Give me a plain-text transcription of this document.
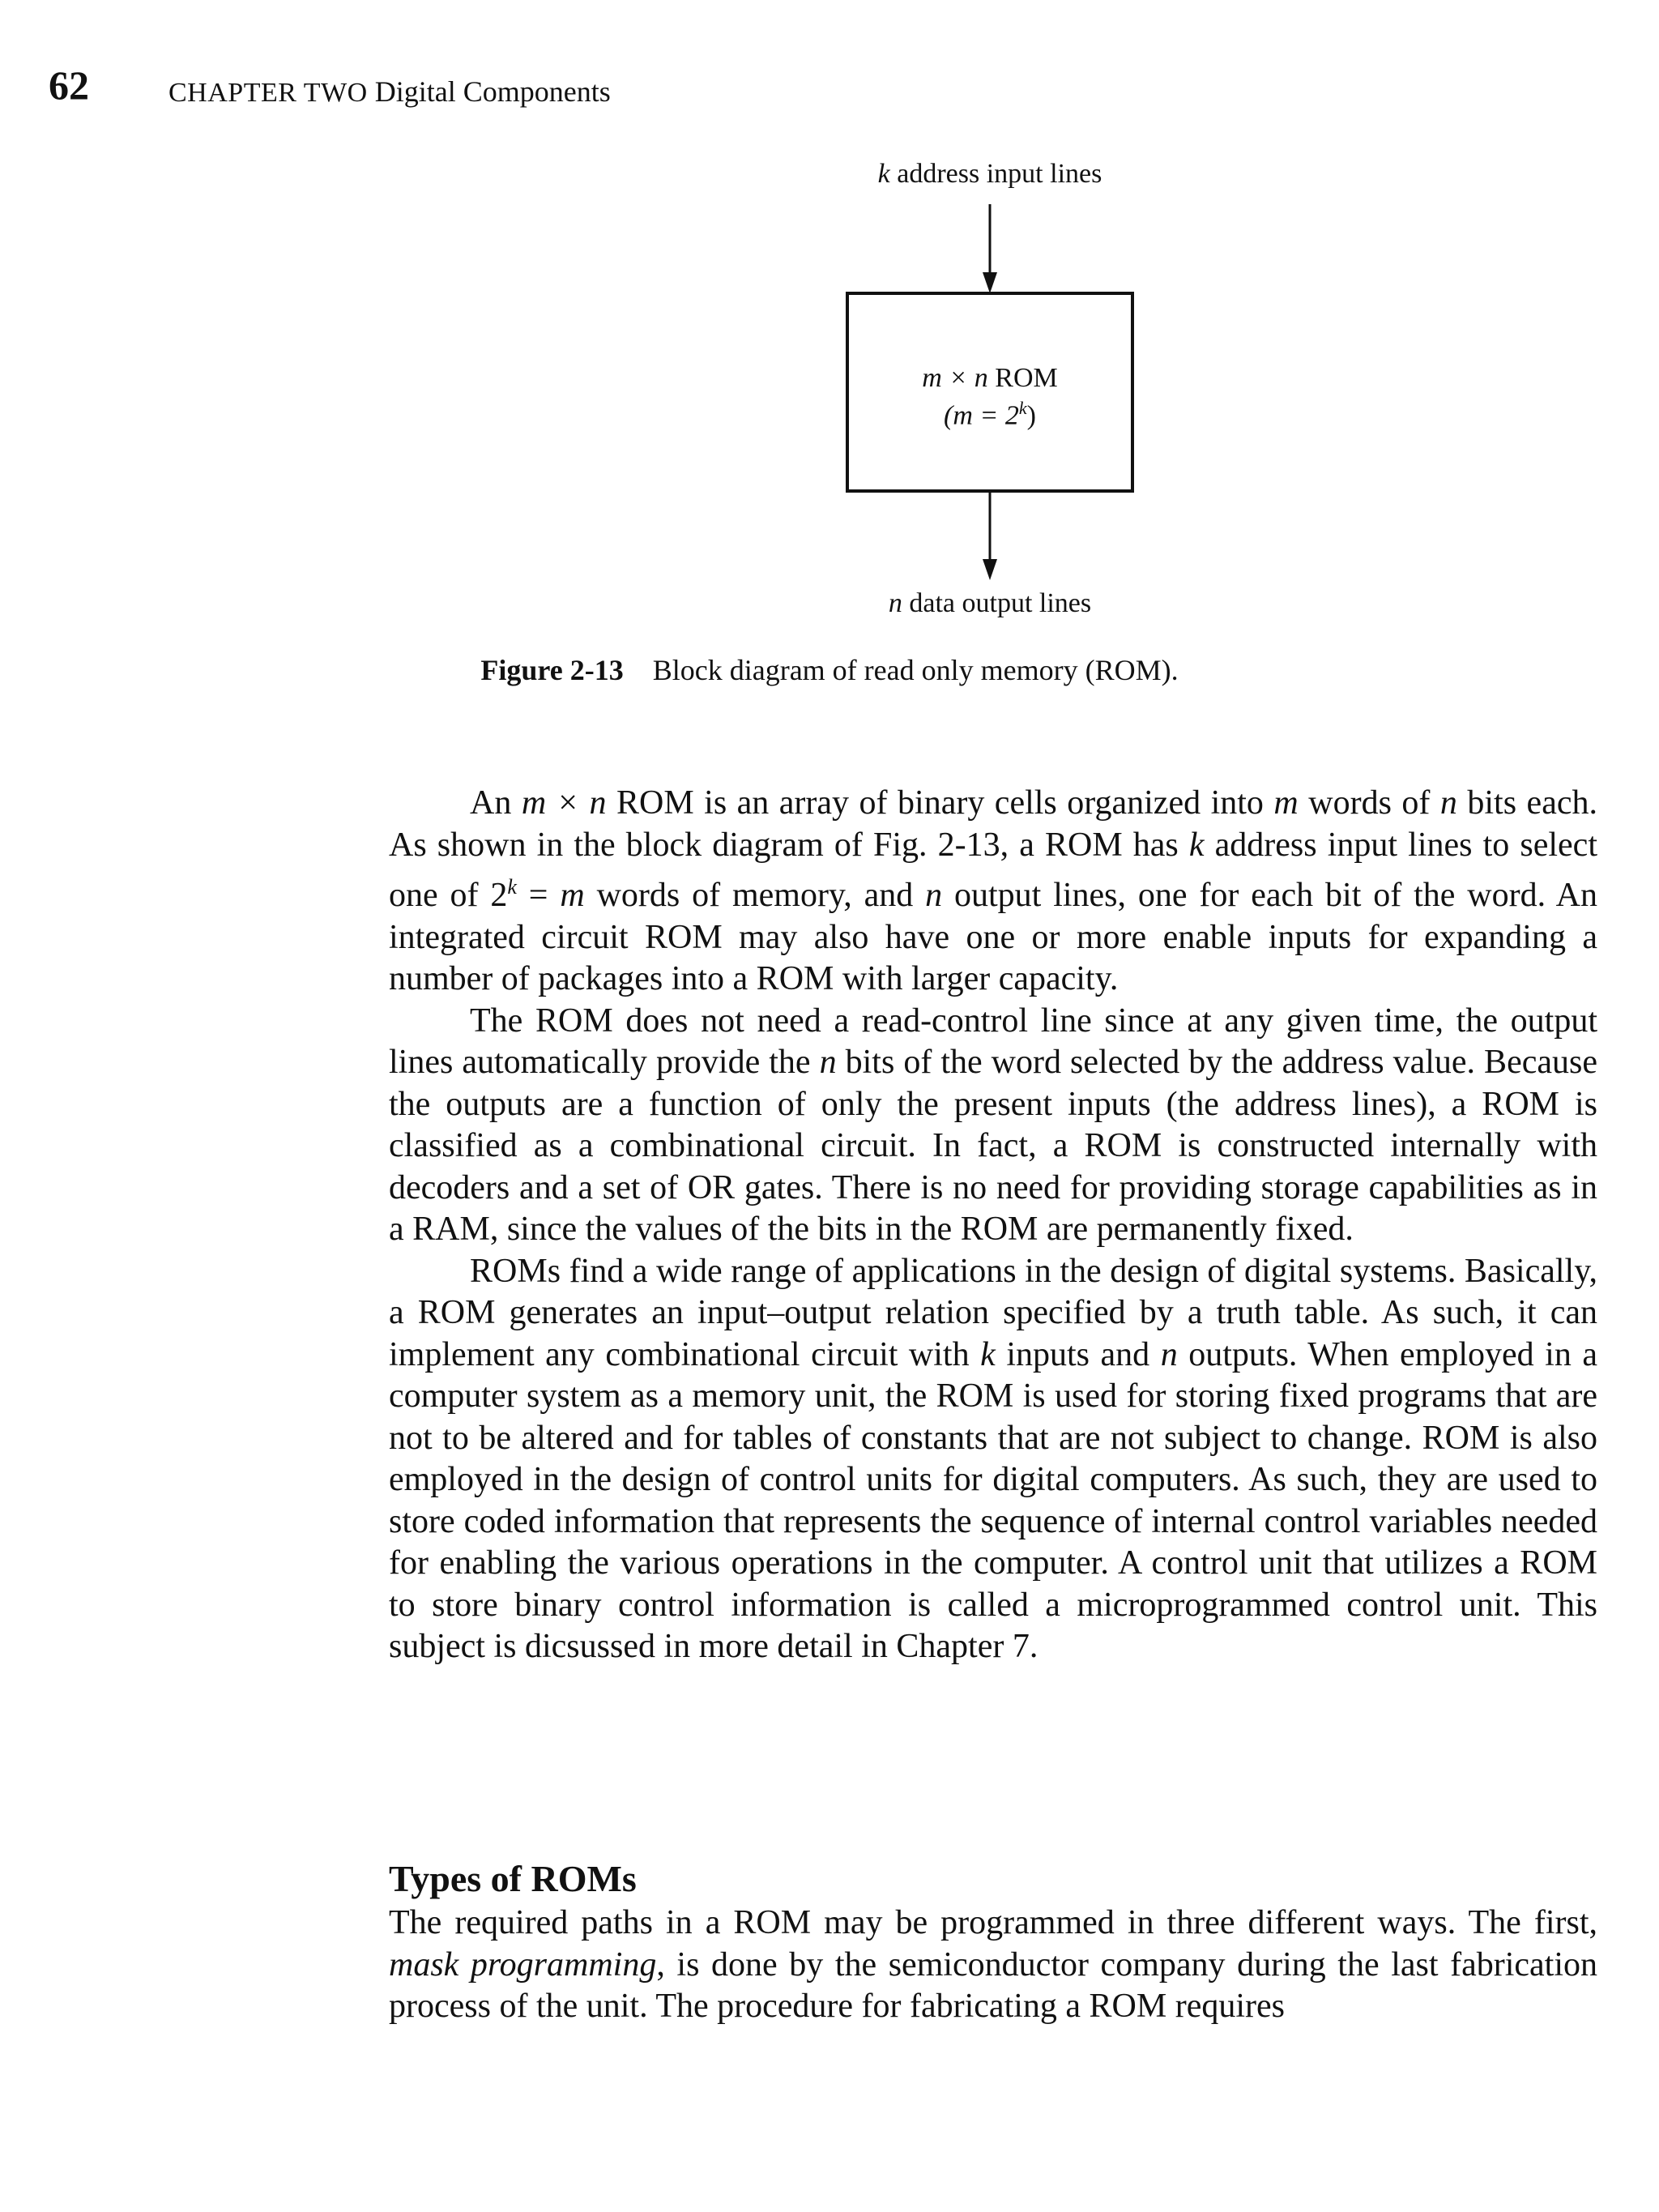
62	CHAPTER TWO Digital Components
k address input lines
m × n ROM
$(m = 2^k)$
n data output lines
Figure 2-13 Block diagram of read only memory (ROM).

An m × n ROM is an array of binary cells organized into m words of n bits each. As shown in the block diagram of Fig. 2-13, a ROM has k address input lines to select one of $2^k = m$ words of memory, and n output lines, one for each bit of the word. An integrated circuit ROM may also have one or more enable inputs for expanding a number of packages into a ROM with larger capacity.

The ROM does not need a read-control line since at any given time, the output lines automatically provide the n bits of the word selected by the address value. Because the outputs are a function of only the present inputs (the address lines), a ROM is classified as a combinational circuit. In fact, a ROM is constructed internally with decoders and a set of OR gates. There is no need for providing storage capabilities as in a RAM, since the values of the bits in the ROM are permanently fixed.

ROMs find a wide range of applications in the design of digital systems. Basically, a ROM generates an input–output relation specified by a truth table. As such, it can implement any combinational circuit with k inputs and n outputs. When employed in a computer system as a memory unit, the ROM is used for storing fixed programs that are not to be altered and for tables of constants that are not subject to change. ROM is also employed in the design of control units for digital computers. As such, they are used to store coded information that represents the sequence of internal control variables needed for enabling the various operations in the computer. A control unit that utilizes a ROM to store binary control information is called a microprogrammed control unit. This subject is dicsussed in more detail in Chapter 7.

Types of ROMs

The required paths in a ROM may be programmed in three different ways. The first, mask programming, is done by the semiconductor company during the last fabrication process of the unit. The procedure for fabricating a ROM requires
